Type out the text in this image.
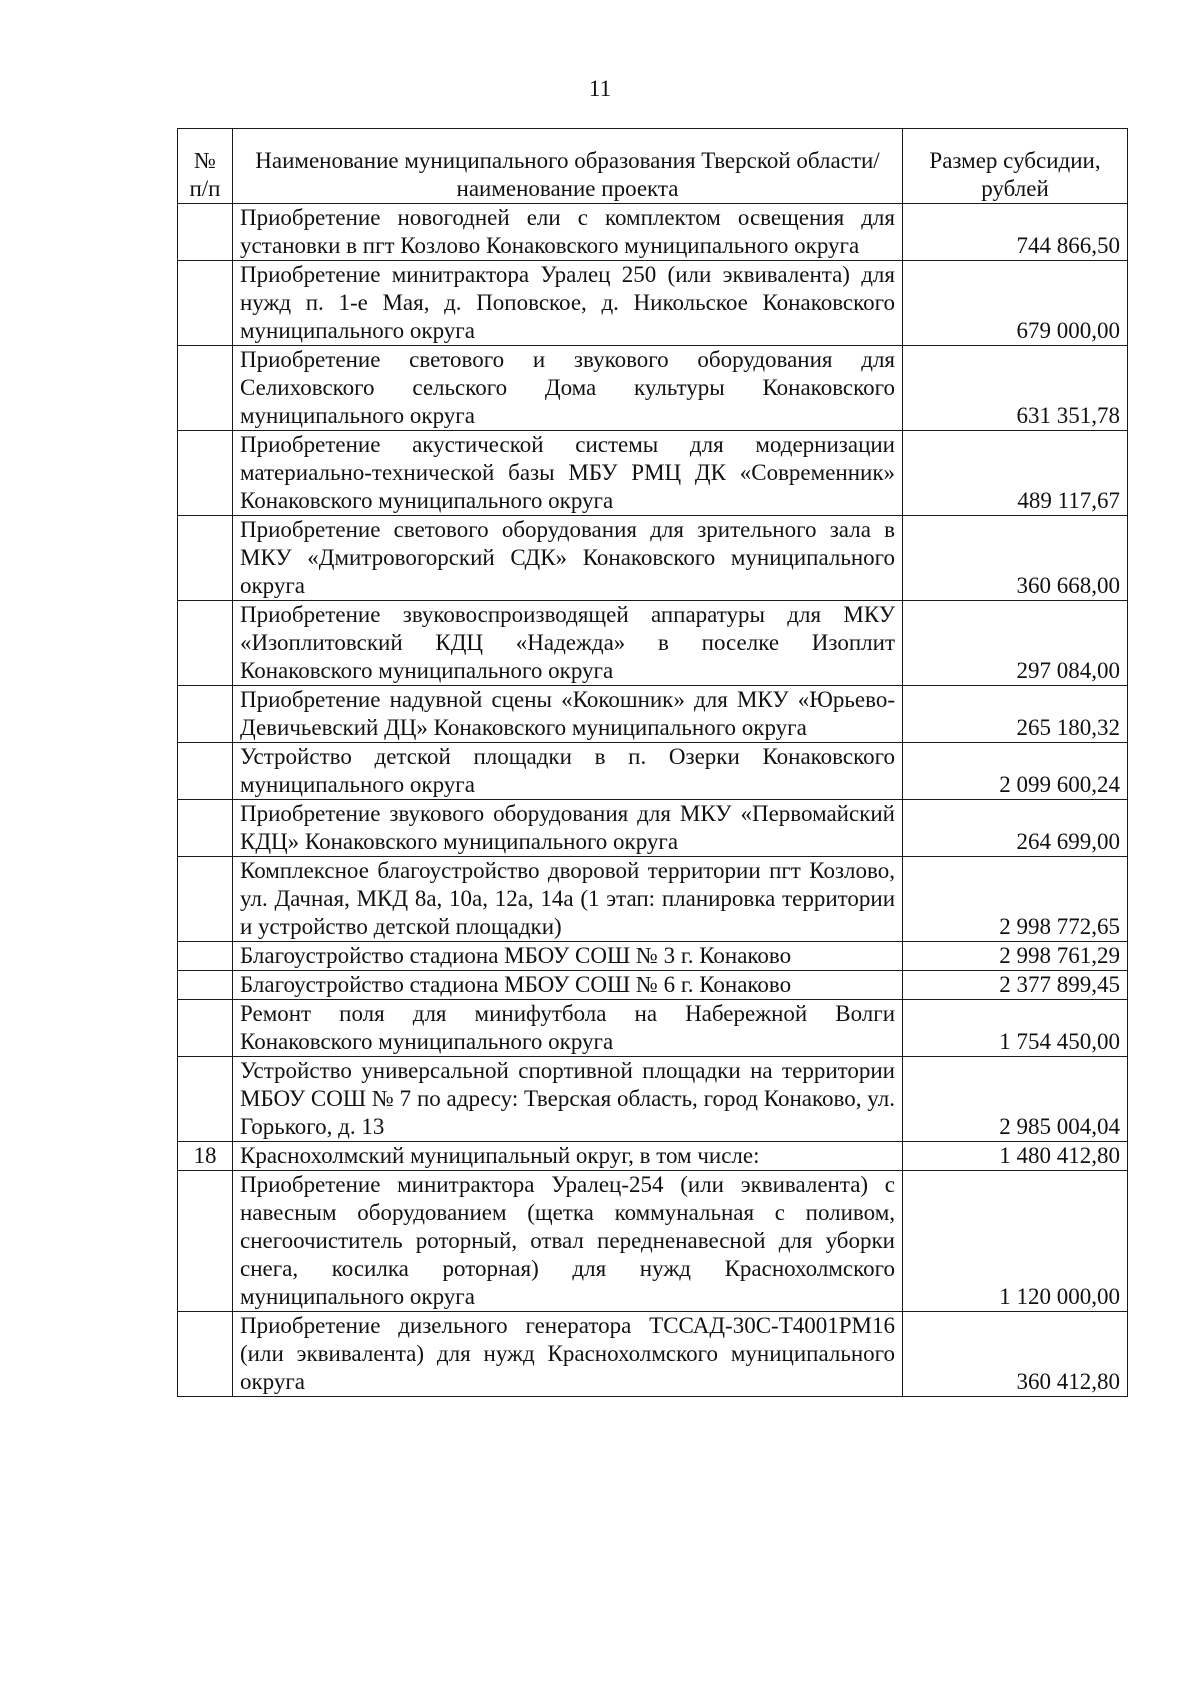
11
№ п/п	Наименование муниципального образования Тверской области/наименование проекта	Размер субсидии, рублей
	Приобретение новогодней ели с комплектом освещения для установки в пгт Козлово Конаковского муниципального округа	744 866,50
	Приобретение минитрактора Уралец 250 (или эквивалента) для нужд п. 1-е Мая, д. Поповское, д. Никольское Конаковского муниципального округа	679 000,00
	Приобретение светового и звукового оборудования для Селиховского сельского Дома культуры Конаковского муниципального округа	631 351,78
	Приобретение акустической системы для модернизации материально-технической базы МБУ РМЦ ДК «Современник» Конаковского муниципального округа	489 117,67
	Приобретение светового оборудования для зрительного зала в МКУ «Дмитровогорский СДК» Конаковского муниципального округа	360 668,00
	Приобретение звуковоспроизводящей аппаратуры для МКУ «Изоплитовский КДЦ «Надежда» в поселке Изоплит Конаковского муниципального округа	297 084,00
	Приобретение надувной сцены «Кокошник» для МКУ «Юрьево-Девичьевский ДЦ» Конаковского муниципального округа	265 180,32
	Устройство детской площадки в п. Озерки Конаковского муниципального округа	2 099 600,24
	Приобретение звукового оборудования для МКУ «Первомайский КДЦ» Конаковского муниципального округа	264 699,00
	Комплексное благоустройство дворовой территории пгт Козлово, ул. Дачная, МКД 8а, 10а, 12а, 14а (1 этап: планировка территории и устройство детской площадки)	2 998 772,65
	Благоустройство стадиона МБОУ СОШ № 3 г. Конаково	2 998 761,29
	Благоустройство стадиона МБОУ СОШ № 6 г. Конаково	2 377 899,45
	Ремонт поля для минифутбола на Набережной Волги Конаковского муниципального округа	1 754 450,00
	Устройство универсальной спортивной площадки на территории МБОУ СОШ № 7 по адресу: Тверская область, город Конаково, ул. Горького, д. 13	2 985 004,04
18	Краснохолмский муниципальный округ, в том числе:	1 480 412,80
	Приобретение минитрактора Уралец-254 (или эквивалента) с навесным оборудованием (щетка коммунальная с поливом, снегоочиститель роторный, отвал передненавесной для уборки снега, косилка роторная) для нужд Краснохолмского муниципального округа	1 120 000,00
	Приобретение дизельного генератора ТССАД-30С-Т4001РМ16 (или эквивалента) для нужд Краснохолмского муниципального округа	360 412,80
